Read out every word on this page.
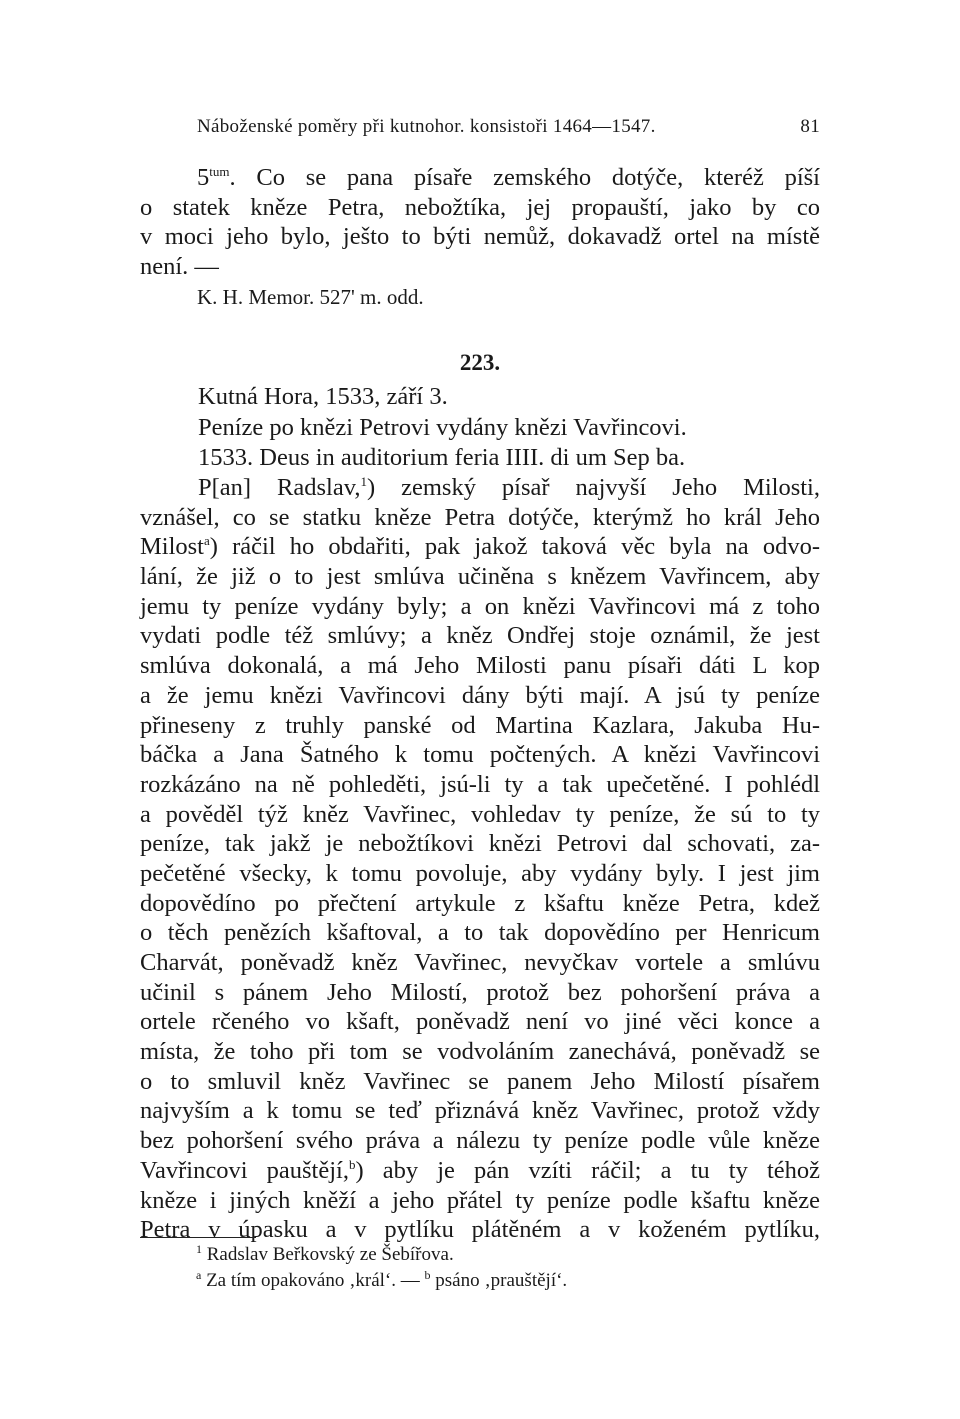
Náboženské poměry při kutnohor. konsistoři 1464—1547.	81
$5^{tum}$. Co se pana písaře zemského dotýče, kteréž píší
o statek kněze Petra, nebožtíka, jej propauští, jako by co
v moci jeho bylo, ješto to býti nemůž, dokavadž ortel na místě
není. —
K. H. Memor. 527' m. odd.
223.
Kutná Hora, 1533, září 3.
Peníze po knězi Petrovi vydány knězi Vavřincovi.
1533. Deus in auditorium feria IIII. di um Sep ba.
P[an] Radslav,$^1$) zemský písař najvyší Jeho Milosti,
vznášel, co se statku kněze Petra dotýče, kterýmž ho král Jeho
Milost$^a$) ráčil ho obdařiti, pak jakož taková věc byla na odvo-
lání, že již o to jest smlúva učiněna s knězem Vavřincem, aby
jemu ty peníze vydány byly; a on knězi Vavřincovi má z toho
vydati podle též smlúvy; a kněz Ondřej stoje oznámil, že jest
smlúva dokonalá, a má Jeho Milosti panu písaři dáti L kop
a že jemu knězi Vavřincovi dány býti mají. A jsú ty peníze
přineseny z truhly panské od Martina Kazlara, Jakuba Hu-
báčka a Jana Šatného k tomu počtených. A knězi Vavřincovi
rozkázáno na ně pohleděti, jsú-li ty a tak upečetěné. I pohlédl
a pověděl týž kněz Vavřinec, vohledav ty peníze, že sú to ty
peníze, tak jakž je nebožtíkovi knězi Petrovi dal schovati, za-
pečetěné všecky, k tomu povoluje, aby vydány byly. I jest jim
dopovědíno po přečtení artykule z kšaftu kněze Petra, kdež
o těch penězích kšaftoval, a to tak dopovědíno per Henricum
Charvát, poněvadž kněz Vavřinec, nevyčkav vortele a smlúvu
učinil s pánem Jeho Milostí, protož bez pohoršení práva a
ortele rčeného vo kšaft, poněvadž není vo jiné věci konce a
místa, že toho při tom se vodvoláním zanechává, poněvadž se
o to smluvil kněz Vavřinec se panem Jeho Milostí písařem
najvyším a k tomu se teď přiznává kněz Vavřinec, protož vždy
bez pohoršení svého práva a nálezu ty peníze podle vůle kněze
Vavřincovi pauštějí,$^b$) aby je pán vzíti ráčil; a tu ty téhož
kněze i jiných kněží a jeho přátel ty peníze podle kšaftu kněze
Petra v úpasku a v pytlíku plátěném a v koženém pytlíku,
$^1$ Radslav Beřkovský ze Šebířova.
$^a$ Za tím opakováno ‚král‘. — $^b$ psáno ‚prauštějí‘.
